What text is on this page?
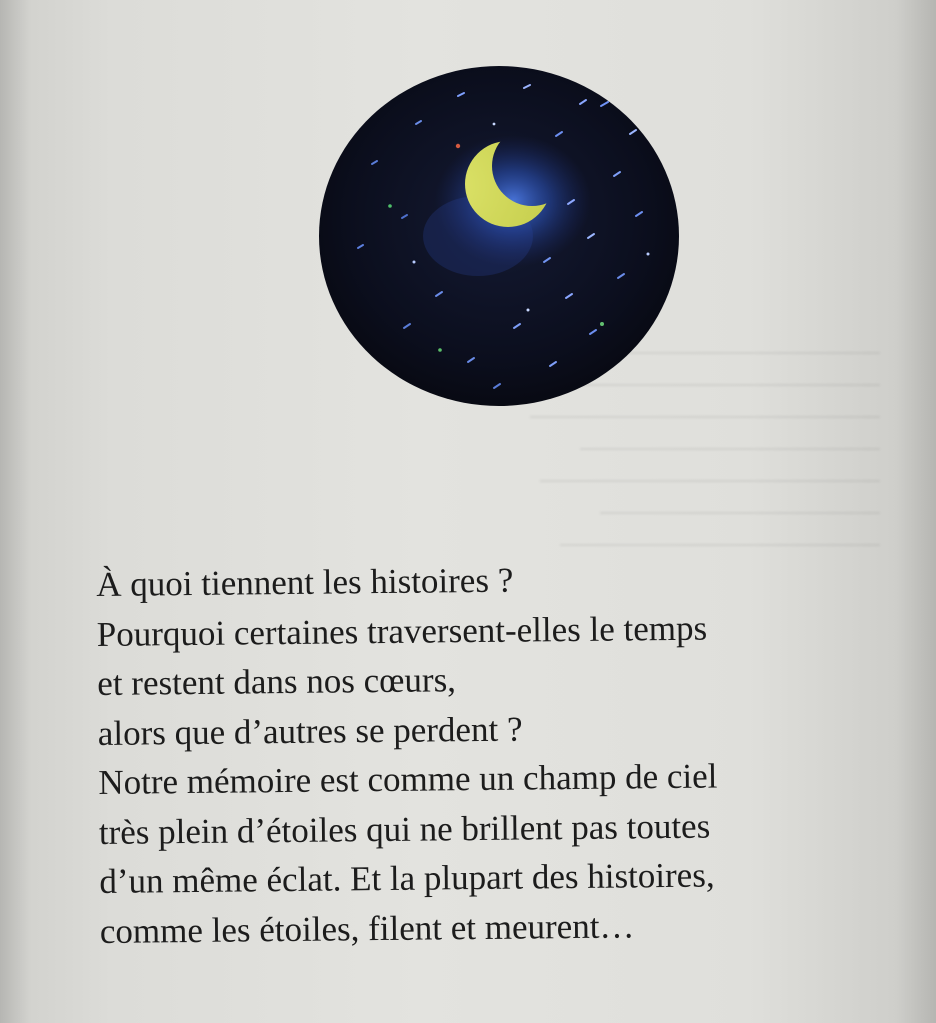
À quoi tiennent les histoires ?
Pourquoi certaines traversent-elles le temps
et restent dans nos cœurs,
alors que d’autres se perdent ?
Notre mémoire est comme un champ de ciel
très plein d’étoiles qui ne brillent pas toutes
d’un même éclat. Et la plupart des histoires,
comme les étoiles, filent et meurent…
